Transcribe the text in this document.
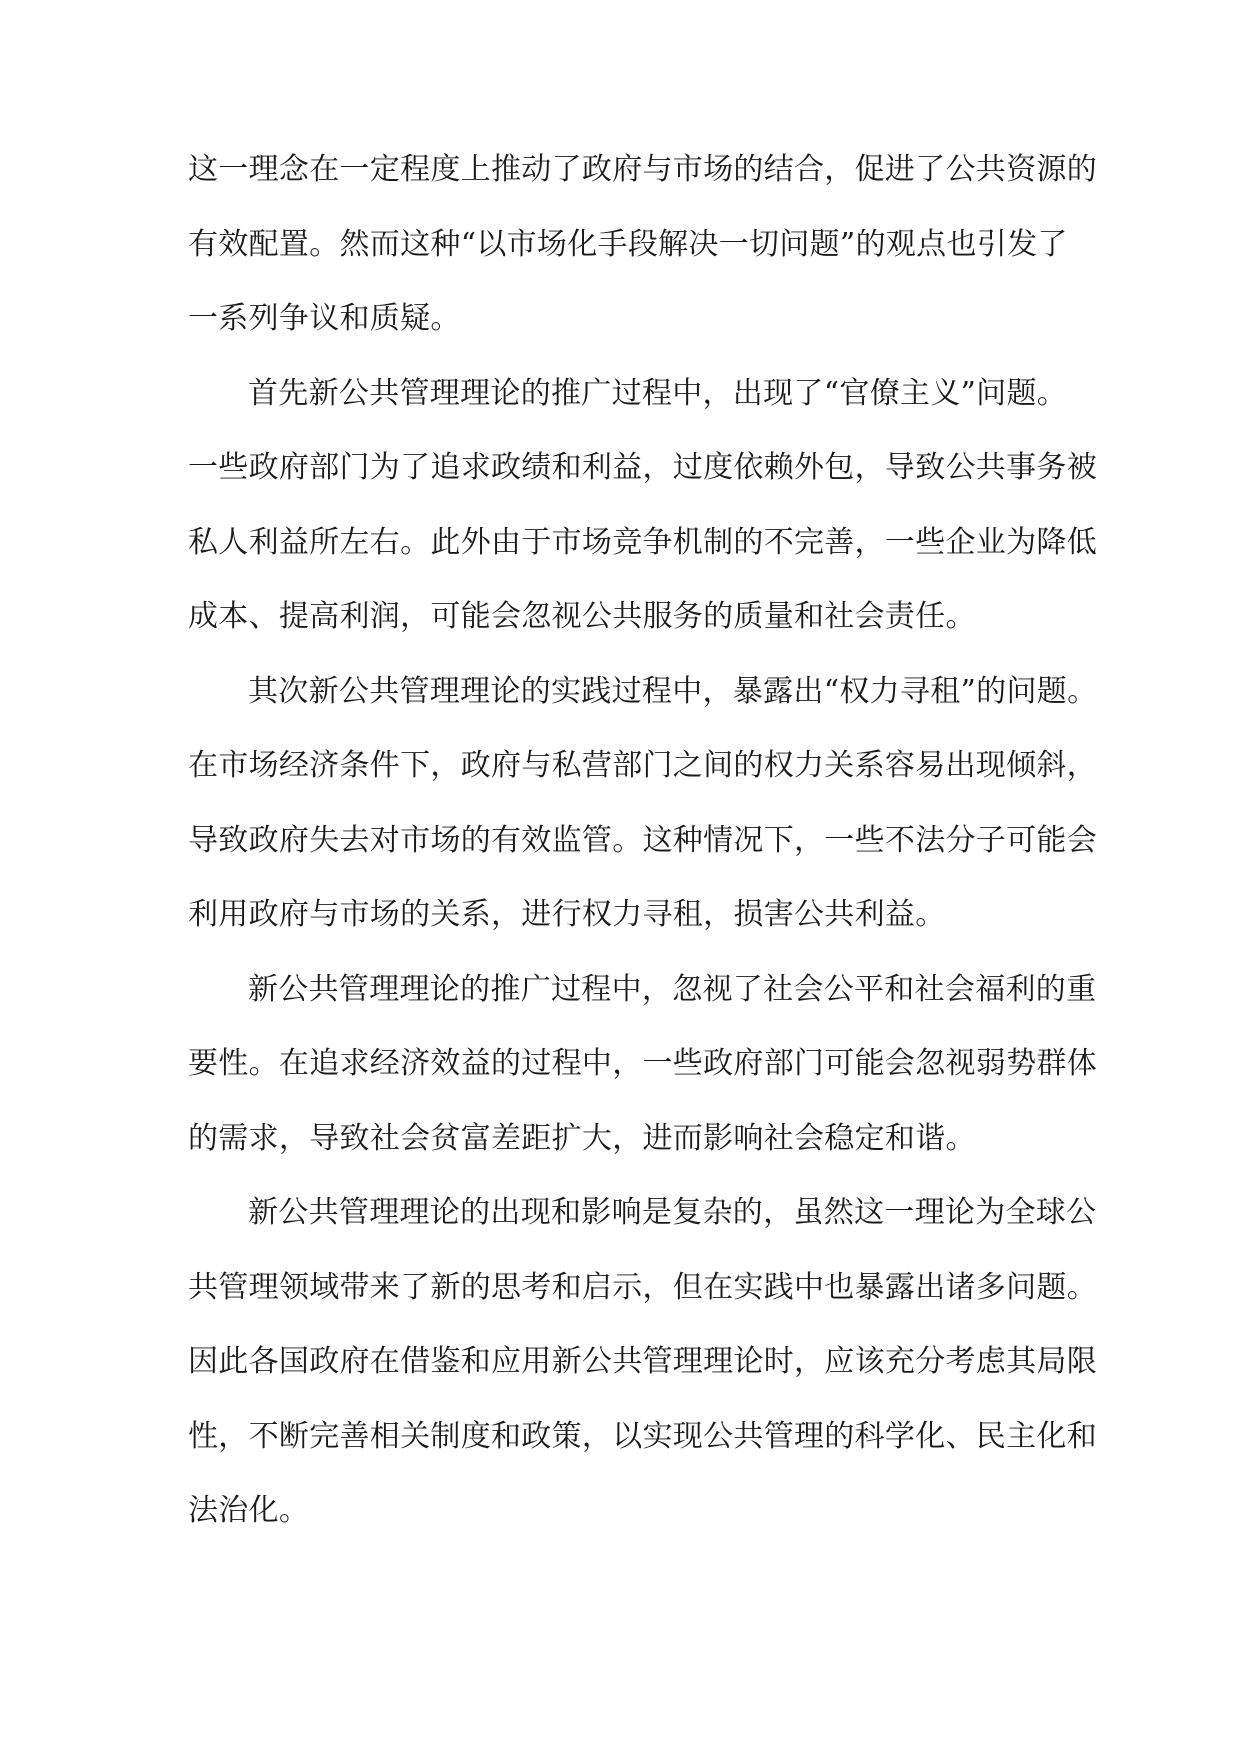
这一理念在一定程度上推动了政府与市场的结合，促进了公共资源的

有效配置。然而这种“以市场化手段解决一切问题”的观点也引发了

一系列争议和质疑。

首先新公共管理理论的推广过程中，出现了“官僚主义”问题。

一些政府部门为了追求政绩和利益，过度依赖外包，导致公共事务被

私人利益所左右。此外由于市场竞争机制的不完善，一些企业为降低

成本、提高利润，可能会忽视公共服务的质量和社会责任。

其次新公共管理理论的实践过程中，暴露出“权力寻租”的问题。

在市场经济条件下，政府与私营部门之间的权力关系容易出现倾斜，

导致政府失去对市场的有效监管。这种情况下，一些不法分子可能会

利用政府与市场的关系，进行权力寻租，损害公共利益。

新公共管理理论的推广过程中，忽视了社会公平和社会福利的重

要性。在追求经济效益的过程中，一些政府部门可能会忽视弱势群体

的需求，导致社会贫富差距扩大，进而影响社会稳定和谐。

新公共管理理论的出现和影响是复杂的，虽然这一理论为全球公

共管理领域带来了新的思考和启示，但在实践中也暴露出诸多问题。

因此各国政府在借鉴和应用新公共管理理论时，应该充分考虑其局限

性，不断完善相关制度和政策，以实现公共管理的科学化、民主化和

法治化。
